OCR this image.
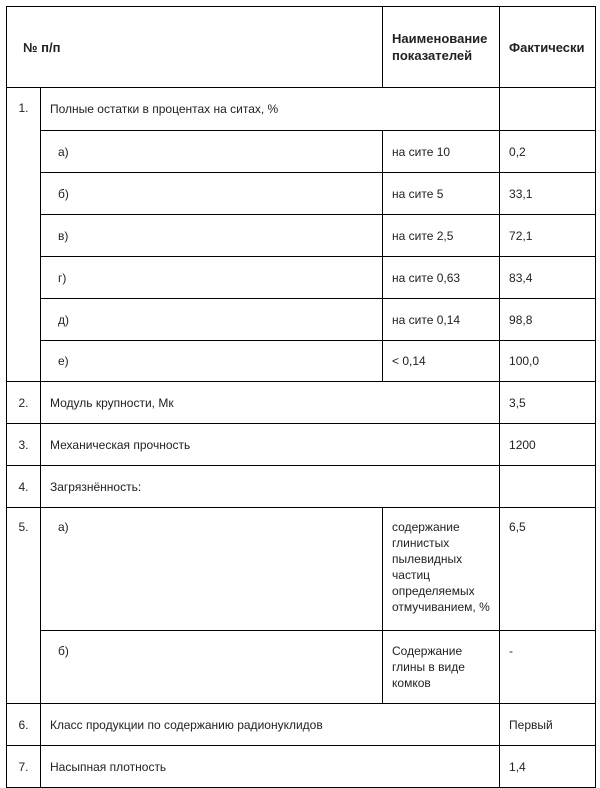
№ п/п		Наименование показателей	Фактически
1.	Полные остатки в процентах на ситах, %		
	а)	на сите 10	0,2
	б)	на сите 5	33,1
	в)	на сите 2,5	72,1
	г)	на сите 0,63	83,4
	д)	на сите 0,14	98,8
	е)	< 0,14	100,0
2.	Модуль крупности, Мк		3,5
3.	Механическая прочность		1200
4.	Загрязнённость:		
5.	а)	содержание глинистых пылевидных частиц определяемых отмучиванием, %	6,5
	б)	Содержание глины в виде комков	-
6.	Класс продукции по содержанию радионуклидов		Первый
7.	Насыпная плотность		1,4
